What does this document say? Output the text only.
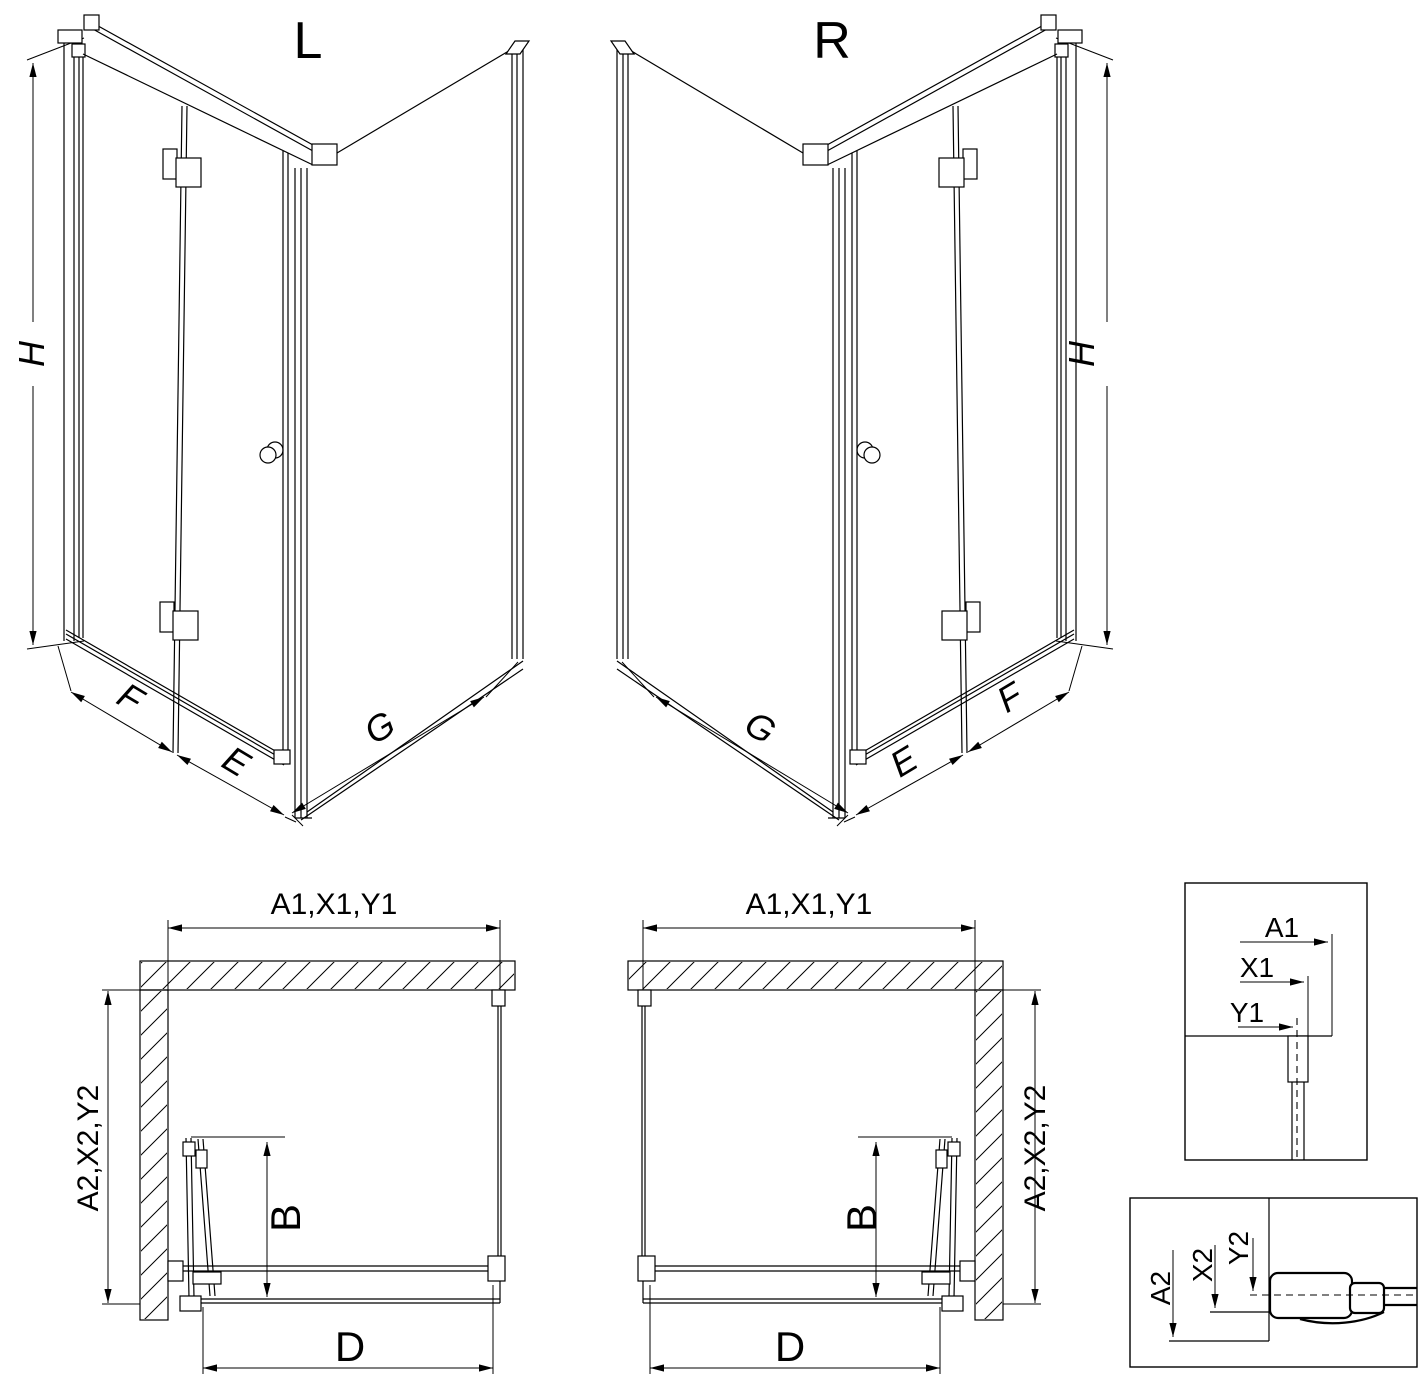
L
H
F
E
G
R
H
G
E
F
A1,X1,Y1
A2,X2,Y2
B
D
A1,X1,Y1
A2,X2,Y2
B
D
A1
X1
Y1
A2
X2 Y2
